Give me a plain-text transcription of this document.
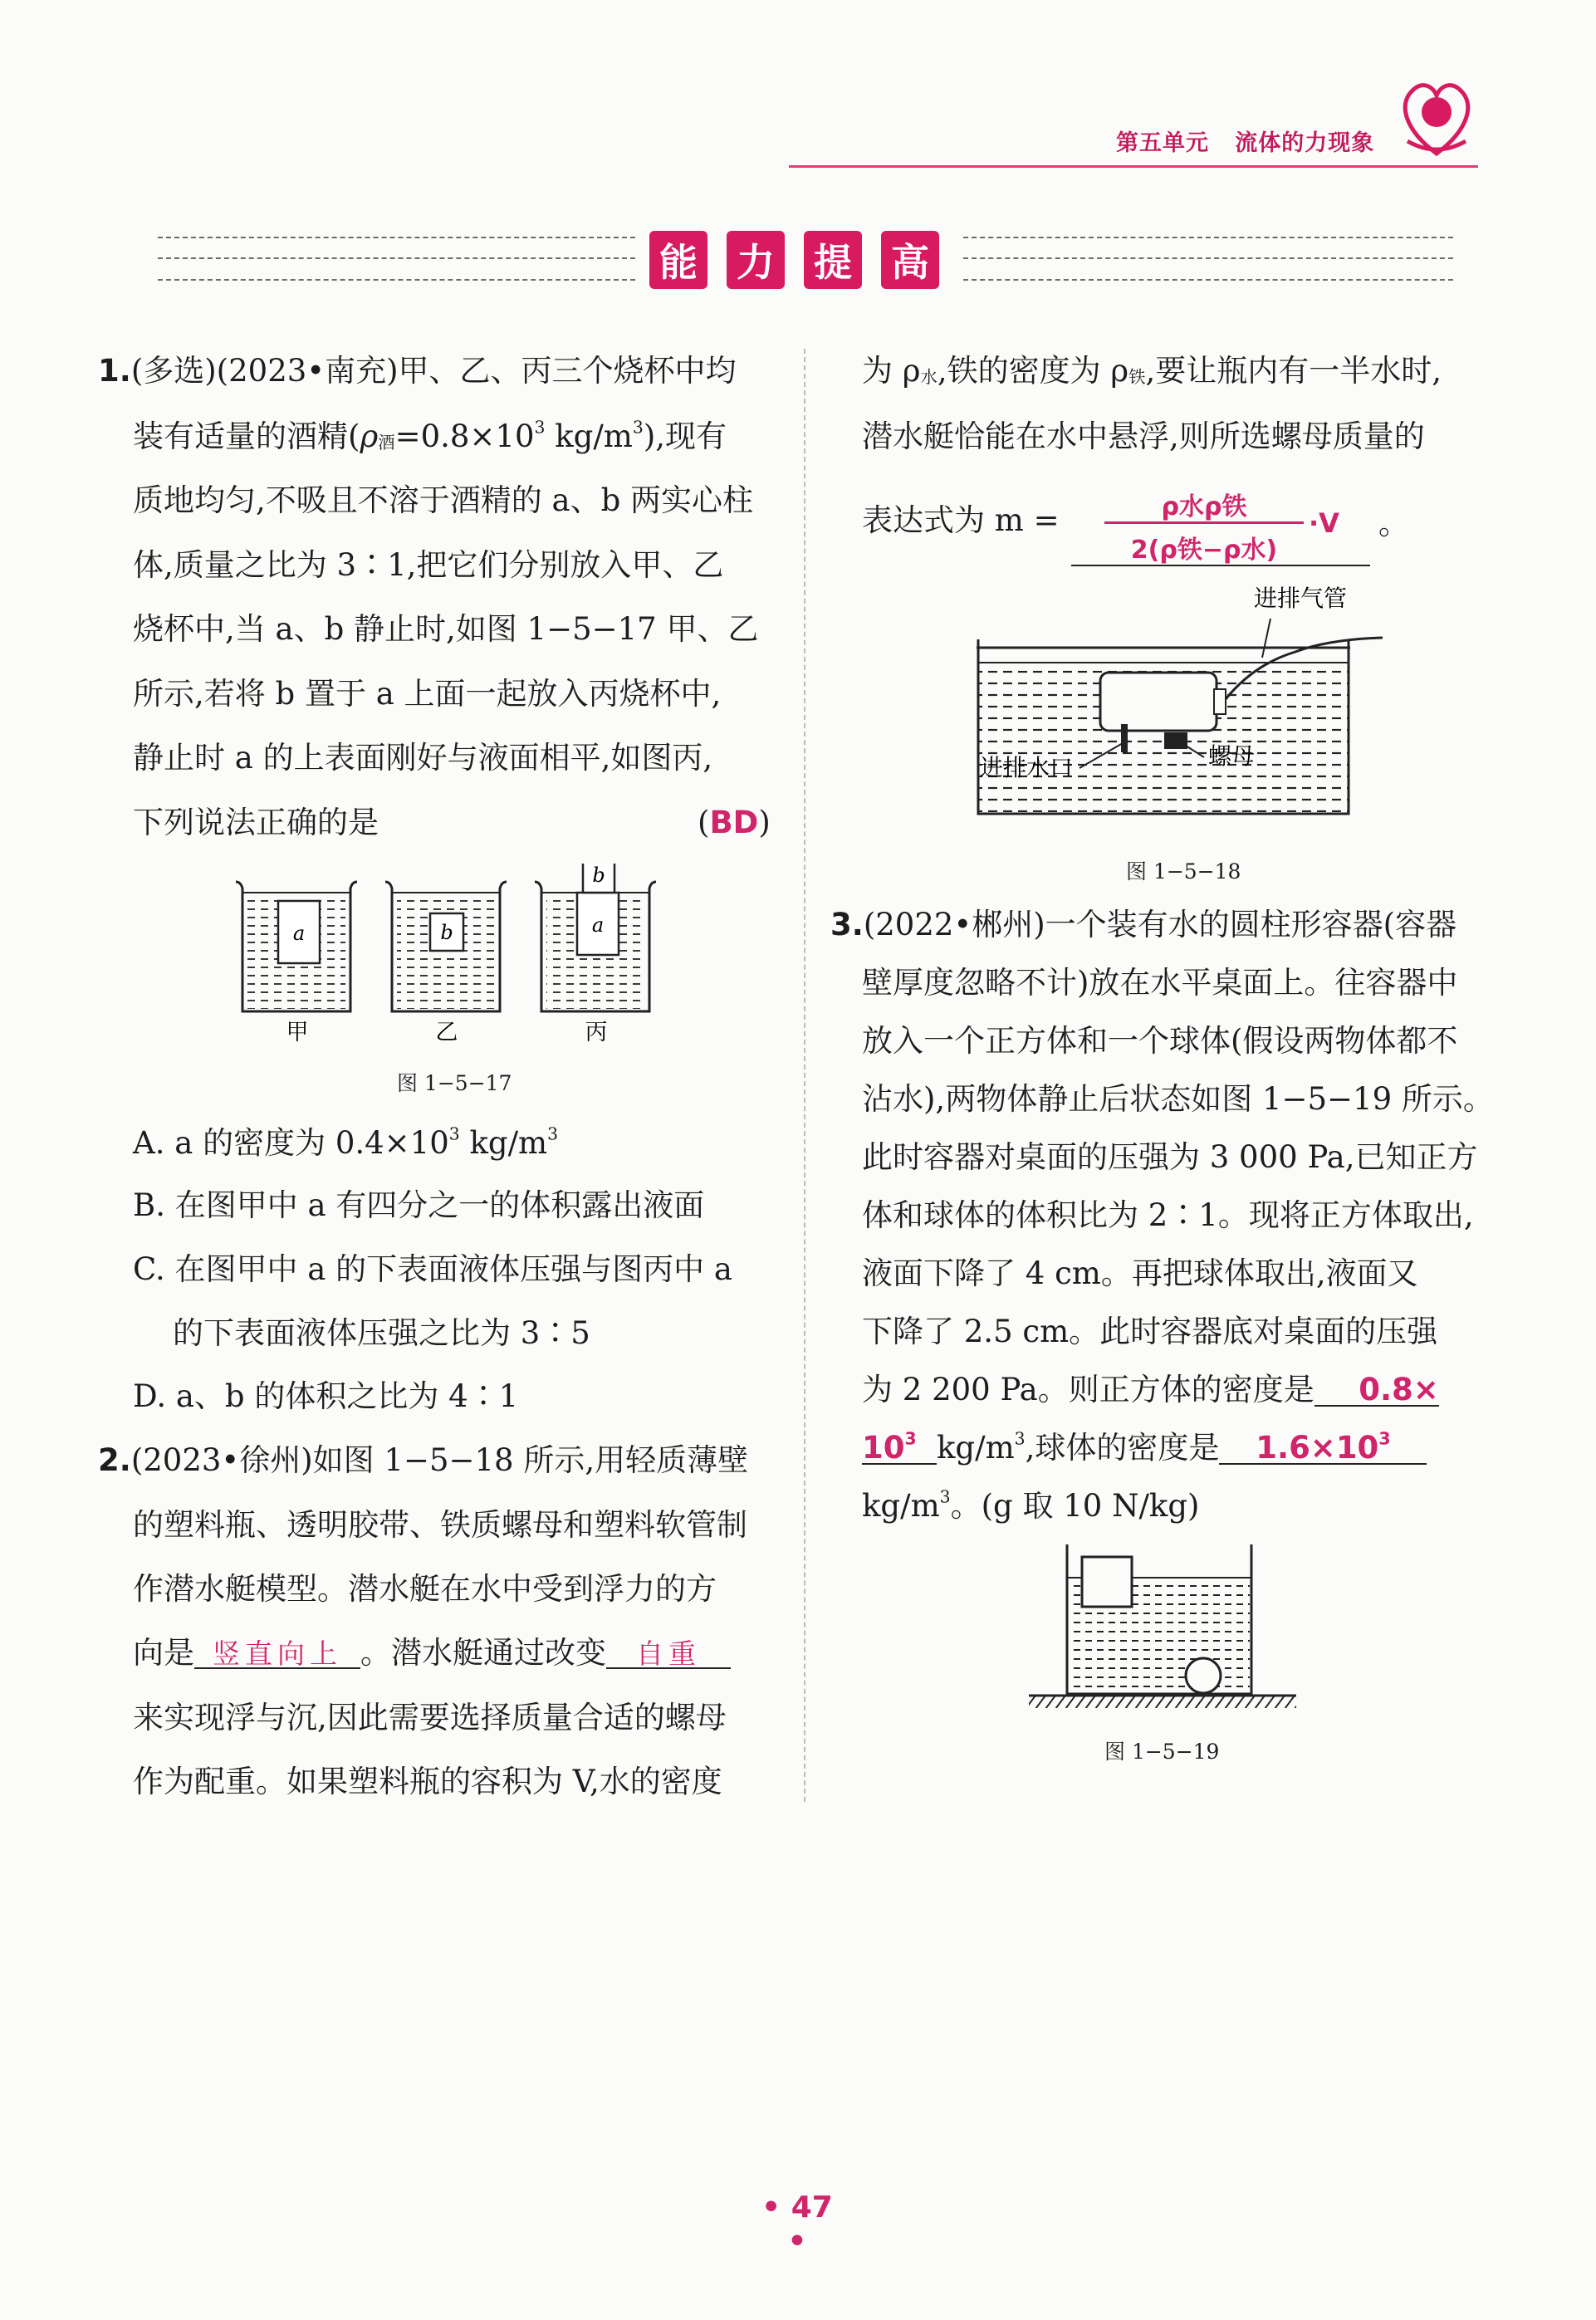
第五单元 流体的力现象
能 力 提 高
1.(多选)(2023•南充)甲、乙、丙三个烧杯中均
装有适量的酒精($\rho_酒=0.8\times 10^3$ $kg/m^3$),现有
质地均匀,不吸且不溶于酒精的 a、b 两实心柱
体,质量之比为 3∶1,把它们分别放入甲、乙
烧杯中,当 a、b 静止时,如图 1−5−17 甲、乙
所示,若将 b 置于 a 上面一起放入丙烧杯中,
静止时 a 的上表面刚好与液面相平,如图丙,
下列说法正确的是	(BD)
a	b
b
a
甲	乙	丙
图 1−5−17
A. a 的密度为 $0.4\times 10^3$ $kg/m^3$
B. 在图甲中 a 有四分之一的体积露出液面
C. 在图甲中 a 的下表面液体压强与图丙中 a
的下表面液体压强之比为 3∶5
D. a、b 的体积之比为 4∶1
2.(2023•徐州)如图 1−5−18 所示,用轻质薄壁
的塑料瓶、透明胶带、铁质螺母和塑料软管制
作潜水艇模型。潜水艇在水中受到浮力的方
向是 竖直向上 。潜水艇通过改变 自重
来实现浮与沉,因此需要选择质量合适的螺母
作为配重。如果塑料瓶的容积为 V,水的密度
为 $\rho_水$,铁的密度为 $\rho_铁$,要让瓶内有一半水时,
潜水艇恰能在水中悬浮,则所选螺母质量的
表达式为 m =	ρ水ρ铁
2(ρ铁−ρ水)
·V 。
进排气管
进排水口	螺母
图 1−5−18
3.(2022•郴州)一个装有水的圆柱形容器(容器
壁厚度忽略不计)放在水平桌面上。往容器中
放入一个正方体和一个球体(假设两物体都不
沾水),两物体静止后状态如图 1−5−19 所示。
此时容器对桌面的压强为 3 000 Pa,已知正方
体和球体的体积比为 2∶1。现将正方体取出,
液面下降了 4 cm。再把球体取出,液面又
下降了 2.5 cm。此时容器底对桌面的压强
为 2 200 Pa。则正方体的密度是 0.8×
$10^3$ $kg/m^3$,球体的密度是 $1.6\times 10^3$
$kg/m^3$。(g 取 10 N/kg)
图 1−5−19
• 47 •
